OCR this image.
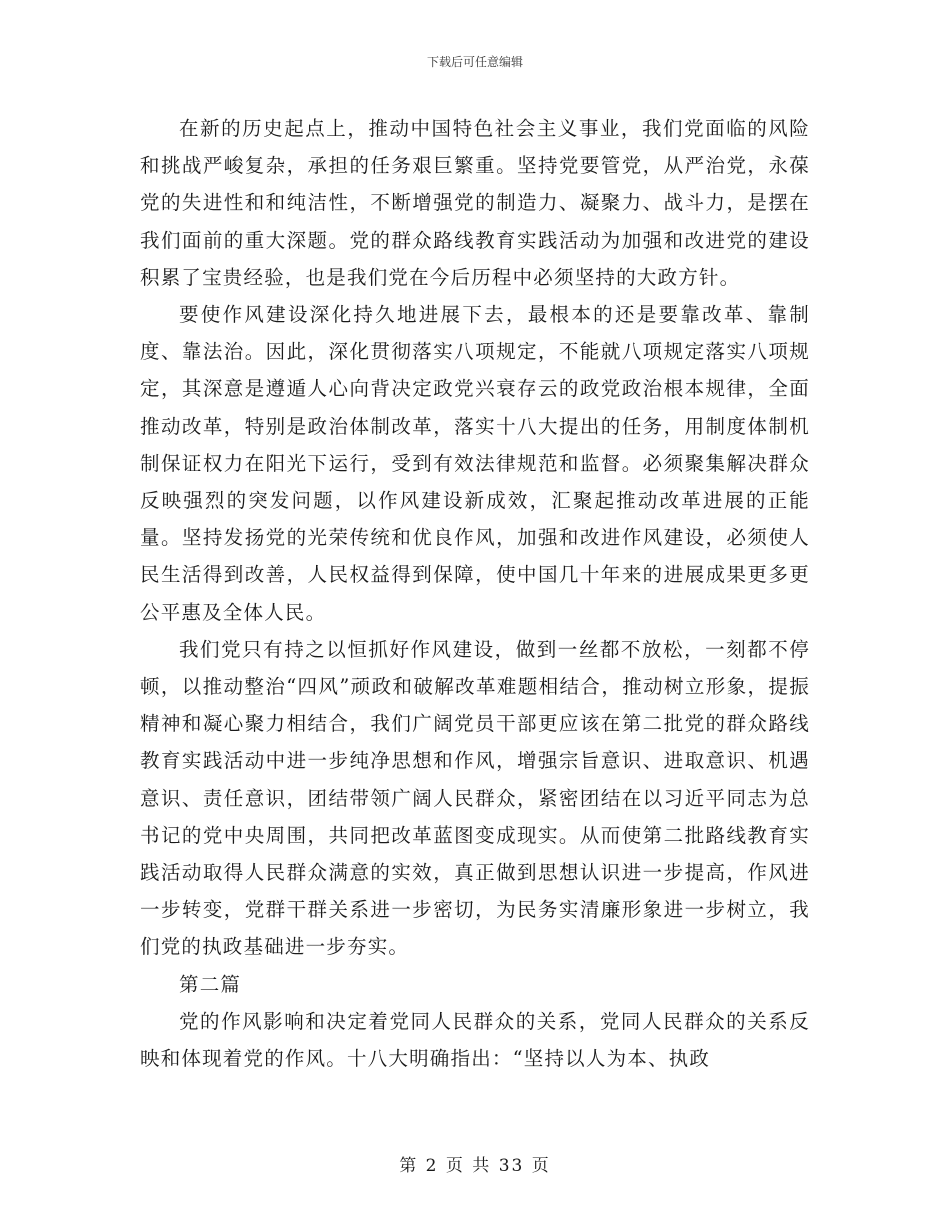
下载后可任意编辑

在新的历史起点上，推动中国特色社会主义事业，我们党面临的风险和挑战严峻复杂，承担的任务艰巨繁重。坚持党要管党，从严治党，永葆党的失进性和和纯洁性，不断增强党的制造力、凝聚力、战斗力，是摆在我们面前的重大深题。党的群众路线教育实践活动为加强和改进党的建设积累了宝贵经验，也是我们党在今后历程中必须坚持的大政方针。

要使作风建设深化持久地进展下去，最根本的还是要靠改革、靠制度、靠法治。因此，深化贯彻落实八项规定，不能就八项规定落实八项规定，其深意是遵遁人心向背决定政党兴衰存云的政党政治根本规律，全面推动改革，特别是政治体制改革，落实十八大提出的任务，用制度体制机制保证权力在阳光下运行，受到有效法律规范和监督。必须聚集解决群众反映强烈的突发问题，以作风建设新成效，汇聚起推动改革进展的正能量。坚持发扬党的光荣传统和优良作风，加强和改进作风建设，必须使人民生活得到改善，人民权益得到保障，使中国几十年来的进展成果更多更公平惠及全体人民。

我们党只有持之以恒抓好作风建设，做到一丝都不放松，一刻都不停顿，以推动整治“四风”顽政和破解改革难题相结合，推动树立形象，提振精神和凝心聚力相结合，我们广阔党员干部更应该在第二批党的群众路线教育实践活动中进一步纯净思想和作风，增强宗旨意识、进取意识、机遇意识、责任意识，团结带领广阔人民群众，紧密团结在以习近平同志为总书记的党中央周围，共同把改革蓝图变成现实。从而使第二批路线教育实践活动取得人民群众满意的实效，真正做到思想认识进一步提高，作风进一步转变，党群干群关系进一步密切，为民务实清廉形象进一步树立，我们党的执政基础进一步夯实。

第二篇

党的作风影响和决定着党同人民群众的关系，党同人民群众的关系反映和体现着党的作风。十八大明确指出：“坚持以人为本、执政

第 2 页 共 33 页
